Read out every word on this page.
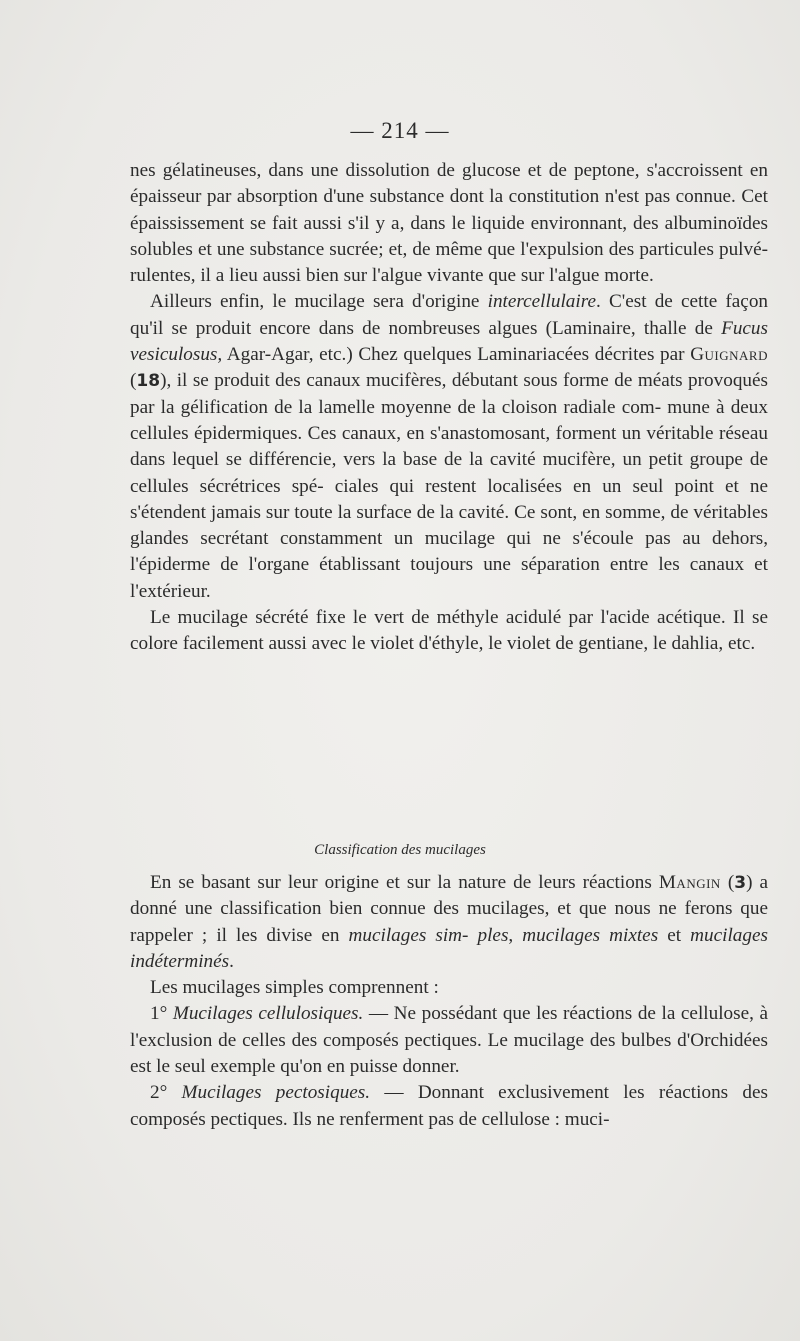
— 214 —

nes gélatineuses, dans une dissolution de glucose et de peptone, s'accroissent en épaisseur par absorption d'une substance dont la constitution n'est pas connue. Cet épaississement se fait aussi s'il y a, dans le liquide environnant, des albuminoïdes solubles et une substance sucrée; et, de même que l'expulsion des particules pulvé- rulentes, il a lieu aussi bien sur l'algue vivante que sur l'algue morte.

Ailleurs enfin, le mucilage sera d'origine intercellulaire. C'est de cette façon qu'il se produit encore dans de nombreuses algues (Laminaire, thalle de Fucus vesiculosus, Agar-Agar, etc.) Chez quelques Laminariacées décrites par Guignard (18), il se produit des canaux mucifères, débutant sous forme de méats provoqués par la gélification de la lamelle moyenne de la cloison radiale com- mune à deux cellules épidermiques. Ces canaux, en s'anastomosant, forment un véritable réseau dans lequel se différencie, vers la base de la cavité mucifère, un petit groupe de cellules sécrétrices spé- ciales qui restent localisées en un seul point et ne s'étendent jamais sur toute la surface de la cavité. Ce sont, en somme, de véritables glandes secrétant constamment un mucilage qui ne s'écoule pas au dehors, l'épiderme de l'organe établissant toujours une séparation entre les canaux et l'extérieur.

Le mucilage sécrété fixe le vert de méthyle acidulé par l'acide acétique. Il se colore facilement aussi avec le violet d'éthyle, le violet de gentiane, le dahlia, etc.

Classification des mucilages

En se basant sur leur origine et sur la nature de leurs réactions Mangin (3) a donné une classification bien connue des mucilages, et que nous ne ferons que rappeler ; il les divise en mucilages sim- ples, mucilages mixtes et mucilages indéterminés.

Les mucilages simples comprennent :

1° Mucilages cellulosiques. — Ne possédant que les réactions de la cellulose, à l'exclusion de celles des composés pectiques. Le mucilage des bulbes d'Orchidées est le seul exemple qu'on en puisse donner.

2° Mucilages pectosiques. — Donnant exclusivement les réactions des composés pectiques. Ils ne renferment pas de cellulose : muci-
